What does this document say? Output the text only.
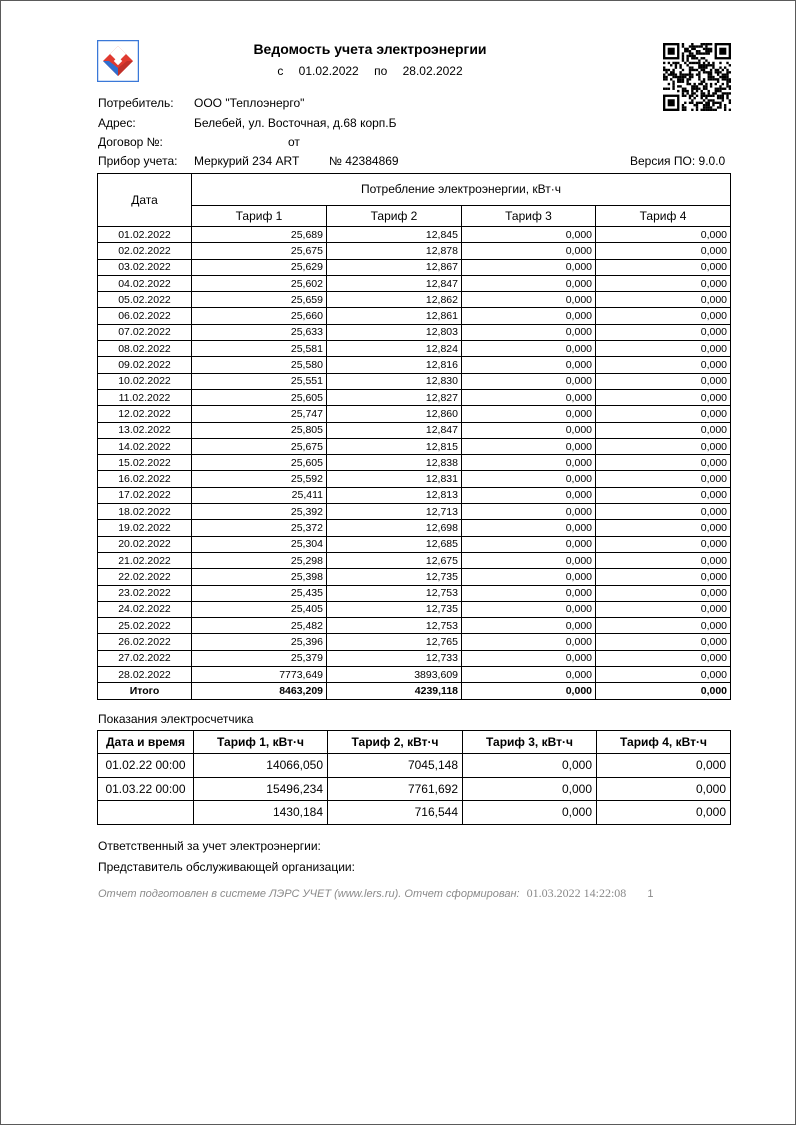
Ведомость учета электроэнергии
с 01.02.2022 по 28.02.2022
Потребитель: ООО "Теплоэнерго"
Адрес:	Белебей, ул. Восточная, д.68 корп.Б
Договор №:	от
Прибор учета: Меркурий 234 ART № 42384869	Версия ПО: 9.0.0
Дата	Потребление электроэнергии, кВт·ч			
	Тариф 1	Тариф 2	Тариф 3	Тариф 4
01.02.2022	25,689	12,845	0,000	0,000
02.02.2022	25,675	12,878	0,000	0,000
03.02.2022	25,629	12,867	0,000	0,000
04.02.2022	25,602	12,847	0,000	0,000
05.02.2022	25,659	12,862	0,000	0,000
06.02.2022	25,660	12,861	0,000	0,000
07.02.2022	25,633	12,803	0,000	0,000
08.02.2022	25,581	12,824	0,000	0,000
09.02.2022	25,580	12,816	0,000	0,000
10.02.2022	25,551	12,830	0,000	0,000
11.02.2022	25,605	12,827	0,000	0,000
12.02.2022	25,747	12,860	0,000	0,000
13.02.2022	25,805	12,847	0,000	0,000
14.02.2022	25,675	12,815	0,000	0,000
15.02.2022	25,605	12,838	0,000	0,000
16.02.2022	25,592	12,831	0,000	0,000
17.02.2022	25,411	12,813	0,000	0,000
18.02.2022	25,392	12,713	0,000	0,000
19.02.2022	25,372	12,698	0,000	0,000
20.02.2022	25,304	12,685	0,000	0,000
21.02.2022	25,298	12,675	0,000	0,000
22.02.2022	25,398	12,735	0,000	0,000
23.02.2022	25,435	12,753	0,000	0,000
24.02.2022	25,405	12,735	0,000	0,000
25.02.2022	25,482	12,753	0,000	0,000
26.02.2022	25,396	12,765	0,000	0,000
27.02.2022	25,379	12,733	0,000	0,000
28.02.2022	7773,649	3893,609	0,000	0,000
Итого	8463,209	4239,118	0,000	0,000
Показания электросчетчика
Дата и время	Тариф 1, кВт·ч	Тариф 2, кВт·ч	Тариф 3, кВт·ч	Тариф 4, кВт·ч
01.02.22 00:00	14066,050	7045,148	0,000	0,000
01.03.22 00:00	15496,234	7761,692	0,000	0,000
	1430,184	716,544	0,000	0,000
Ответственный за учет электроэнергии:
Представитель обслуживающей организации:
Отчет подготовлен в системе ЛЭРС УЧЕТ (www.lers.ru). Отчет сформирован: 01.03.2022 14:22:08 1
